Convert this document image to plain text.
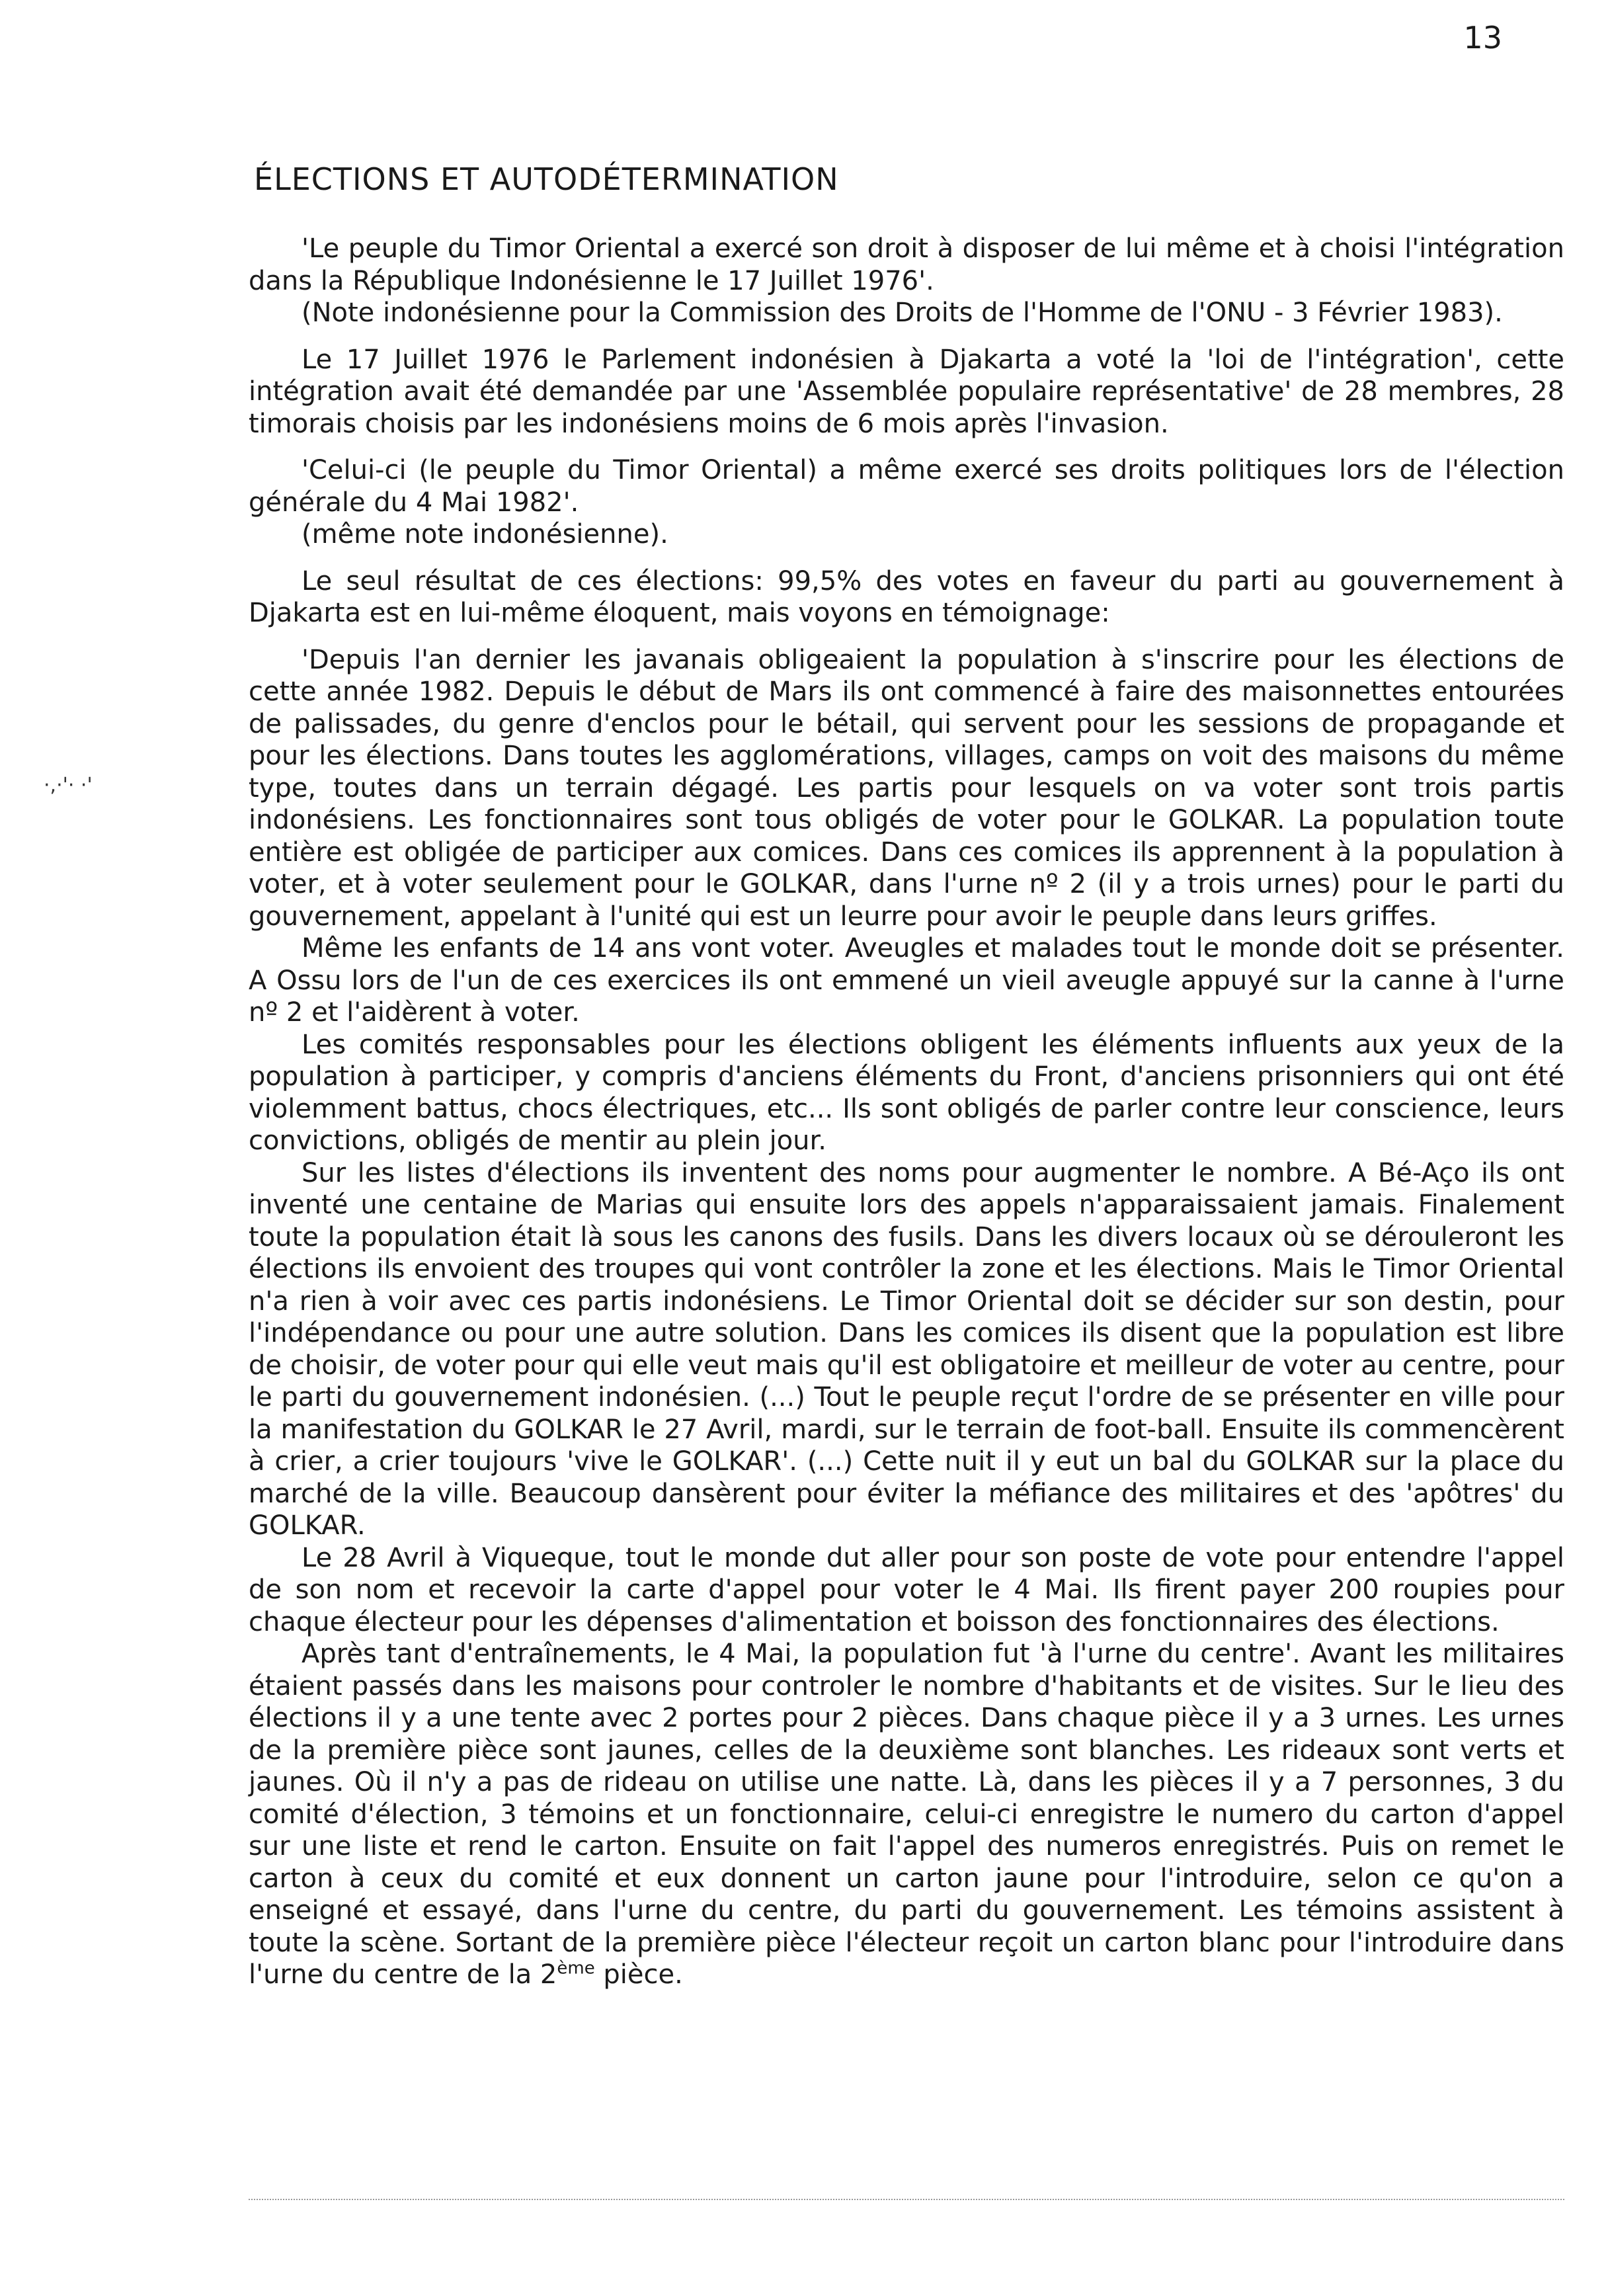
13
ÉLECTIONS ET AUTODÉTERMINATION
·,·'· ·'

'Le peuple du Timor Oriental a exercé son droit à disposer de lui même et à choisi l'intégration dans la République Indonésienne le 17 Juillet 1976'.

(Note indonésienne pour la Commission des Droits de l'Homme de l'ONU - 3 Février 1983).

Le 17 Juillet 1976 le Parlement indonésien à Djakarta a voté la 'loi de l'intégration', cette intégration avait été demandée par une 'Assemblée populaire représentative' de 28 membres, 28 timorais choisis par les indonésiens moins de 6 mois après l'invasion.

'Celui-ci (le peuple du Timor Oriental) a même exercé ses droits politiques lors de l'élection générale du 4 Mai 1982'.

(même note indonésienne).

Le seul résultat de ces élections: 99,5% des votes en faveur du parti au gouvernement à Djakarta est en lui-même éloquent, mais voyons en témoignage:

'Depuis l'an dernier les javanais obligeaient la population à s'inscrire pour les élections de cette année 1982. Depuis le début de Mars ils ont commencé à faire des maisonnettes entourées de palissades, du genre d'enclos pour le bétail, qui servent pour les sessions de propagande et pour les élections. Dans toutes les agglomérations, villages, camps on voit des maisons du même type, toutes dans un terrain dégagé. Les partis pour lesquels on va voter sont trois partis indonésiens. Les fonctionnaires sont tous obligés de voter pour le GOLKAR. La population toute entière est obligée de participer aux comices. Dans ces comices ils apprennent à la population à voter, et à voter seulement pour le GOLKAR, dans l'urne nº 2 (il y a trois urnes) pour le parti du gouvernement, appelant à l'unité qui est un leurre pour avoir le peuple dans leurs griffes.

Même les enfants de 14 ans vont voter. Aveugles et malades tout le monde doit se présenter. A Ossu lors de l'un de ces exercices ils ont emmené un vieil aveugle appuyé sur la canne à l'urne nº 2 et l'aidèrent à voter.

Les comités responsables pour les élections obligent les éléments influents aux yeux de la population à participer, y compris d'anciens éléments du Front, d'anciens prisonniers qui ont été violemment battus, chocs électriques, etc... Ils sont obligés de parler contre leur conscience, leurs convictions, obligés de mentir au plein jour.

Sur les listes d'élections ils inventent des noms pour augmenter le nombre. A Bé-Aço ils ont inventé une centaine de Marias qui ensuite lors des appels n'apparaissaient jamais. Finalement toute la population était là sous les canons des fusils. Dans les divers locaux où se dérouleront les élections ils envoient des troupes qui vont contrôler la zone et les élections. Mais le Timor Oriental n'a rien à voir avec ces partis indonésiens. Le Timor Oriental doit se décider sur son destin, pour l'indépendance ou pour une autre solution. Dans les comices ils disent que la population est libre de choisir, de voter pour qui elle veut mais qu'il est obligatoire et meilleur de voter au centre, pour le parti du gouvernement indonésien. (...) Tout le peuple reçut l'ordre de se présenter en ville pour la manifestation du GOLKAR le 27 Avril, mardi, sur le terrain de foot-ball. Ensuite ils commencèrent à crier, a crier toujours 'vive le GOLKAR'. (...) Cette nuit il y eut un bal du GOLKAR sur la place du marché de la ville. Beaucoup dansèrent pour éviter la méfiance des militaires et des 'apôtres' du GOLKAR.

Le 28 Avril à Viqueque, tout le monde dut aller pour son poste de vote pour entendre l'appel de son nom et recevoir la carte d'appel pour voter le 4 Mai. Ils firent payer 200 roupies pour chaque électeur pour les dépenses d'alimentation et boisson des fonctionnaires des élections.

Après tant d'entraînements, le 4 Mai, la population fut 'à l'urne du centre'. Avant les militaires étaient passés dans les maisons pour controler le nombre d'habitants et de visites. Sur le lieu des élections il y a une tente avec 2 portes pour 2 pièces. Dans chaque pièce il y a 3 urnes. Les urnes de la première pièce sont jaunes, celles de la deuxième sont blanches. Les rideaux sont verts et jaunes. Où il n'y a pas de rideau on utilise une natte. Là, dans les pièces il y a 7 personnes, 3 du comité d'élection, 3 témoins et un fonctionnaire, celui-ci enregistre le numero du carton d'appel sur une liste et rend le carton. Ensuite on fait l'appel des numeros enregistrés. Puis on remet le carton à ceux du comité et eux donnent un carton jaune pour l'introduire, selon ce qu'on a enseigné et essayé, dans l'urne du centre, du parti du gouvernement. Les témoins assistent à toute la scène. Sortant de la première pièce l'électeur reçoit un carton blanc pour l'introduire dans l'urne du centre de la 2ème pièce.
